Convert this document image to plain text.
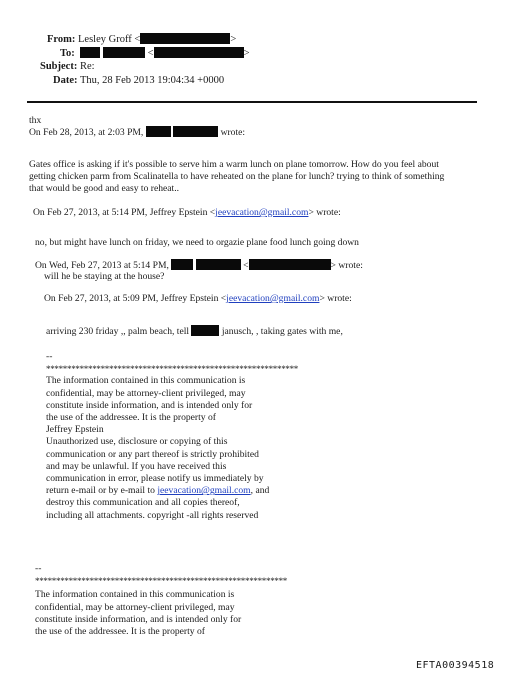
From: Lesley Groff <	>
To:	<	>
Subject: Re:
Date: Thu, 28 Feb 2013 19:04:34 +0000
thx
On Feb 28, 2013, at 2:03 PM,	wrote:
Gates office is asking if it's possible to serve him a warm lunch on plane tomorrow. How do you feel about
getting chicken parm from Scalinatella to have reheated on the plane for lunch? trying to think of something
that would be good and easy to reheat..
On Feb 27, 2013, at 5:14 PM, Jeffrey Epstein <jeevacation@gmail.com> wrote:
no, but might have lunch on friday, we need to orgazie plane food lunch going down
On Wed, Feb 27, 2013 at 5:14 PM,	<	> wrote:
will he be staying at the house?
On Feb 27, 2013, at 5:09 PM, Jeffrey Epstein <jeevacation@gmail.com> wrote:
arriving 230 friday ,, palm beach, tell	janusch, , taking gates with me,
--
************************************************************
The information contained in this communication is
confidential, may be attorney-client privileged, may
constitute inside information, and is intended only for
the use of the addressee. It is the property of
Jeffrey Epstein
Unauthorized use, disclosure or copying of this
communication or any part thereof is strictly prohibited
and may be unlawful. If you have received this
communication in error, please notify us immediately by
return e-mail or by e-mail to jeevacation@gmail.com, and
destroy this communication and all copies thereof,
including all attachments. copyright -all rights reserved
--
************************************************************
The information contained in this communication is
confidential, may be attorney-client privileged, may
constitute inside information, and is intended only for
the use of the addressee. It is the property of
EFTA00394518
